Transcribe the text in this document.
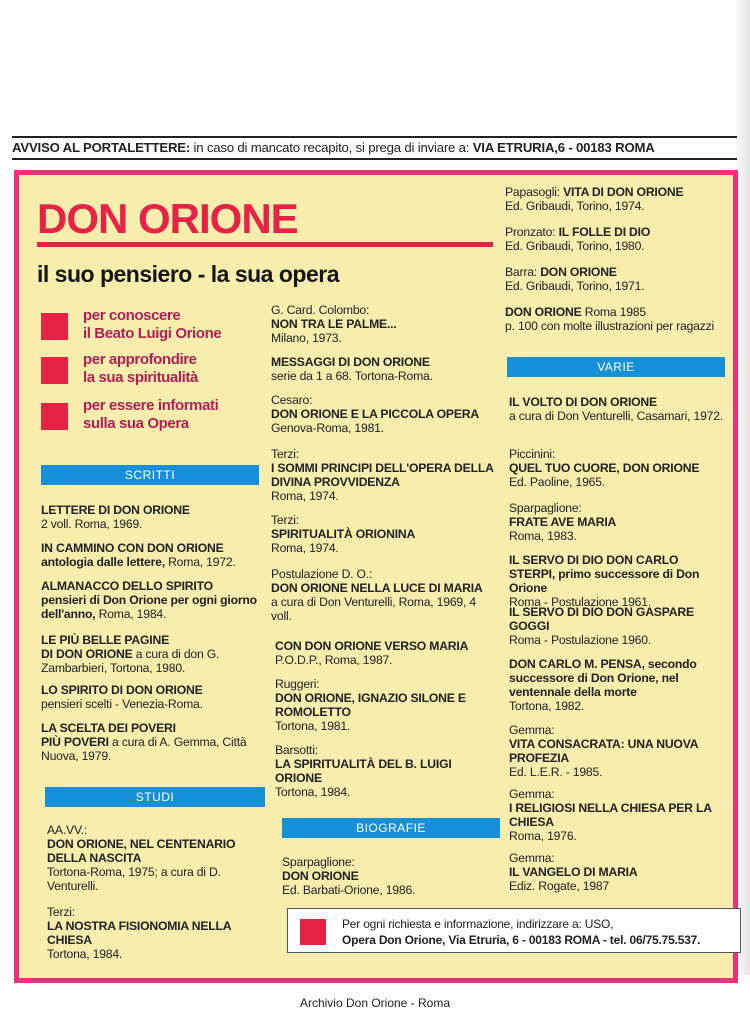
AVVISO AL PORTALETTERE: in caso di mancato recapito, si prega di inviare a: VIA ETRURIA,6 - 00183 ROMA
DON ORIONE
il suo pensiero - la sua opera
per conoscere
il Beato Luigi Orione
per approfondire
la sua spiritualità
per essere informati
sulla sua Opera
SCRITTI
LETTERE DI DON ORIONE
2 voll. Roma, 1969.
IN CAMMINO CON DON ORIONE
antologia dalle lettere, Roma, 1972.
ALMANACCO DELLO SPIRITO
pensieri di Don Orione per ogni giorno dell'anno, Roma, 1984.
LE PIÙ BELLE PAGINE
DI DON ORIONE a cura di don G. Zambarbieri, Tortona, 1980.
LO SPIRITO DI DON ORIONE
pensieri scelti - Venezia-Roma.
LA SCELTA DEI POVERI
PIÙ POVERI a cura di A. Gemma, Città Nuova, 1979.
STUDI
AA.VV.:
DON ORIONE, NEL CENTENARIO DELLA NASCITA
Tortona-Roma, 1975; a cura di D. Venturelli.
Terzi:
LA NOSTRA FISIONOMIA NELLA CHIESA
Tortona, 1984.
G. Card. Colombo:
NON TRA LE PALME...
Milano, 1973.
MESSAGGI DI DON ORIONE
serie da 1 a 68. Tortona-Roma.
Cesaro:
DON ORIONE E LA PICCOLA OPERA
Genova-Roma, 1981.
Terzi:
I SOMMI PRINCIPI DELL'OPERA DELLA DIVINA PROVVIDENZA
Roma, 1974.
Terzi:
SPIRITUALITÀ ORIONINA
Roma, 1974.
Postulazione D. O.:
DON ORIONE NELLA LUCE DI MARIA
a cura di Don Venturelli, Roma, 1969, 4 voll.
CON DON ORIONE VERSO MARIA
P.O.D.P., Roma, 1987.
Ruggeri:
DON ORIONE, IGNAZIO SILONE E ROMOLETTO
Tortona, 1981.
Barsotti:
LA SPIRITUALITÀ DEL B. LUIGI ORIONE
Tortona, 1984.
BIOGRAFIE
Sparpaglione:
DON ORIONE
Ed. Barbati-Orione, 1986.
Papasogli: VITA DI DON ORIONE
Ed. Gribaudi, Torino, 1974.
Pronzato: IL FOLLE DI DIO
Ed. Gribaudi, Torino, 1980.
Barra: DON ORIONE
Ed. Gribaudi, Torino, 1971.
DON ORIONE Roma 1985
p. 100 con molte illustrazioni per ragazzi
VARIE
IL VOLTO DI DON ORIONE
a cura di Don Venturelli, Casamari, 1972.
Piccinini:
QUEL TUO CUORE, DON ORIONE
Ed. Paoline, 1965.
Sparpaglione:
FRATE AVE MARIA
Roma, 1983.
IL SERVO DI DIO DON CARLO STERPI, primo successore di Don Orione
Roma - Postulazione 1961.
IL SERVO DI DIO DON GASPARE GOGGI
Roma - Postulazione 1960.
DON CARLO M. PENSA, secondo successore di Don Orione, nel ventennale della morte
Tortona, 1982.
Gemma:
VITA CONSACRATA: UNA NUOVA PROFEZIA
Ed. L.E.R. - 1985.
Gemma:
I RELIGIOSI NELLA CHIESA PER LA CHIESA
Roma, 1976.
Gemma:
IL VANGELO DI MARIA
Ediz. Rogate, 1987
Per ogni richiesta e informazione, indirizzare a: USO,
Opera Don Orione, Via Etruria, 6 - 00183 ROMA - tel. 06/75.75.537.
Archivio Don Orione - Roma
